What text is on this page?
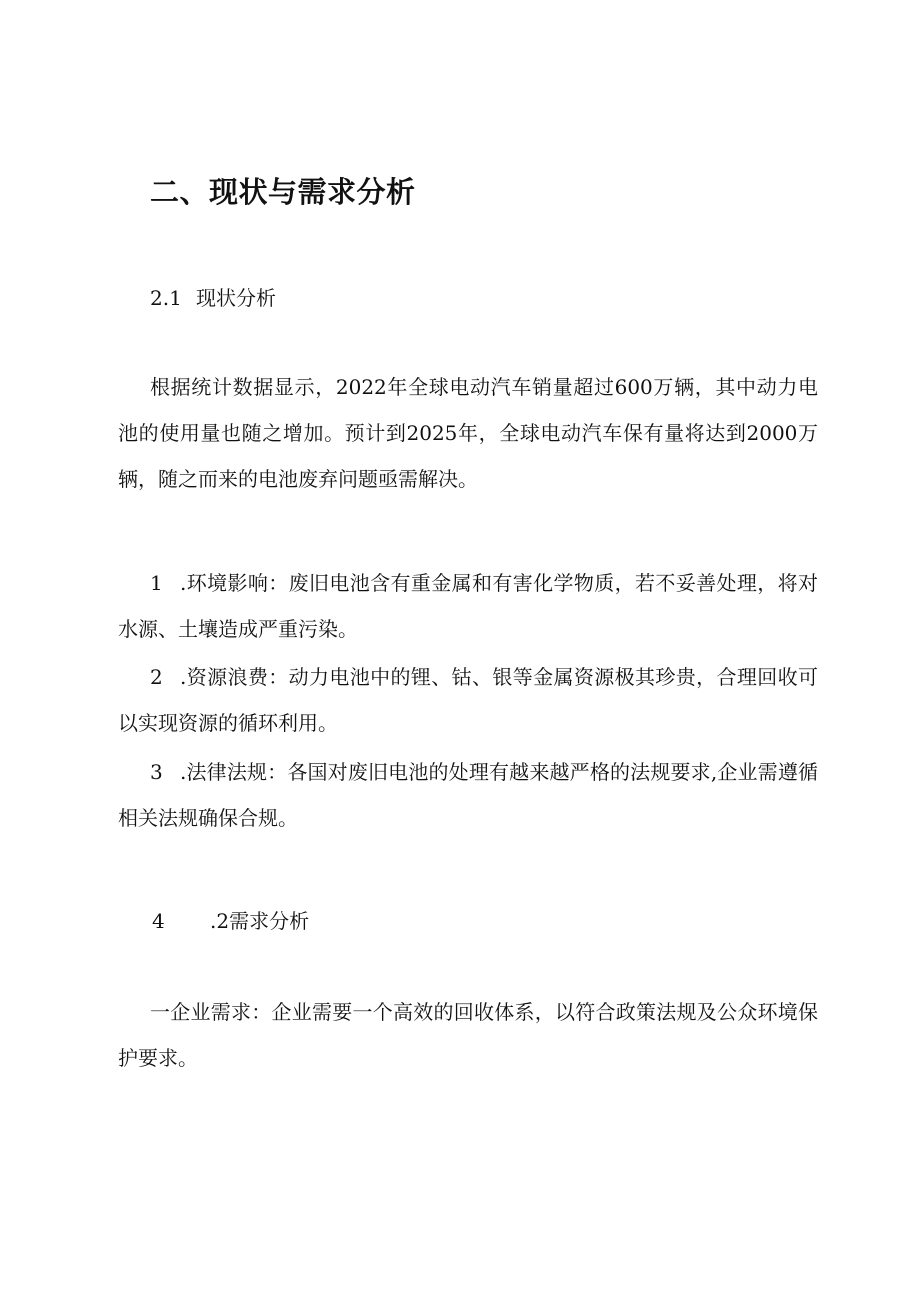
二、现状与需求分析
2.1 现状分析

根据统计数据显示，2022年全球电动汽车销量超过600万辆，其中动力电池的使用量也随之增加。预计到2025年，全球电动汽车保有量将达到2000万辆，随之而来的电池废弃问题亟需解决。

1 .环境影响：废旧电池含有重金属和有害化学物质，若不妥善处理，将对水源、土壤造成严重污染。

2 .资源浪费：动力电池中的锂、钴、银等金属资源极其珍贵，合理回收可以实现资源的循环利用。

3 .法律法规：各国对废旧电池的处理有越来越严格的法规要求,企业需遵循相关法规确保合规。

4 .2需求分析

一企业需求：企业需要一个高效的回收体系，以符合政策法规及公众环境保护要求。
